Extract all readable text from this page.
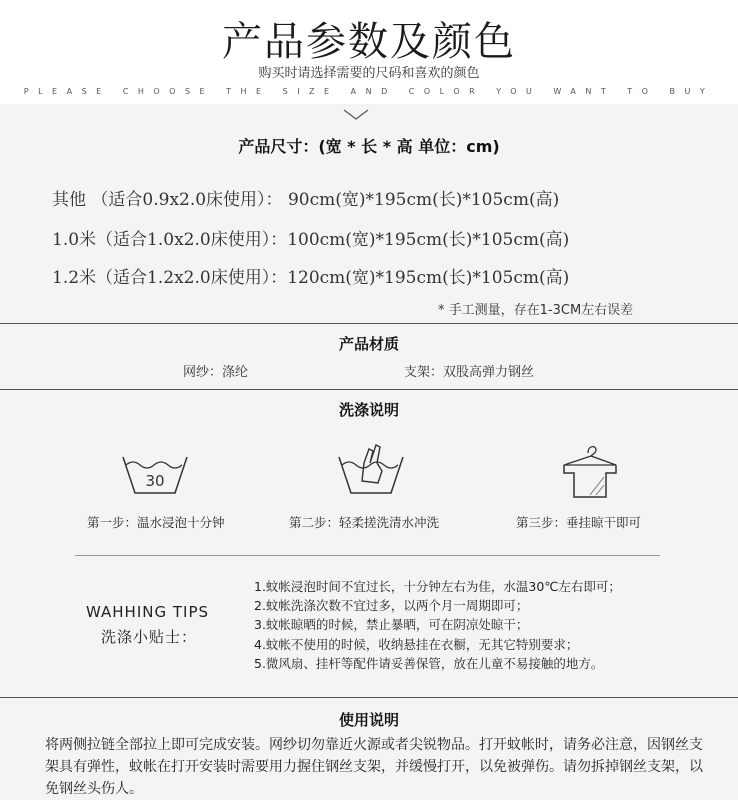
产品参数及颜色
购买时请选择需要的尺码和喜欢的颜色
PLEASE CHOOSE THE SIZE AND COLOR YOU WANT TO BUY
产品尺寸：(宽 * 长 * 高 单位：cm)
其他 （适合0.9x2.0床使用）： 90cm(宽)*195cm(长)*105cm(高)
1.0米（适合1.0x2.0床使用）：100cm(宽)*195cm(长)*105cm(高)
1.2米（适合1.2x2.0床使用）：120cm(宽)*195cm(长)*105cm(高)
* 手工测量，存在1-3CM左右误差
产品材质
网纱：涤纶	支架：双股高弹力钢丝
洗涤说明
30
第一步：温水浸泡十分钟	第二步：轻柔搓洗清水冲洗	第三步：垂挂晾干即可
WAHHING TIPS
洗涤小贴士：
1.蚊帐浸泡时间不宜过长，十分钟左右为佳，水温30℃左右即可；
2.蚊帐洗涤次数不宜过多，以两个月一周期即可；
3.蚊帐晾晒的时候，禁止暴晒，可在阴凉处晾干；
4.蚊帐不使用的时候，收纳悬挂在衣橱，无其它特别要求；
5.微风扇、挂杆等配件请妥善保管，放在儿童不易接触的地方。
使用说明

将两侧拉链全部拉上即可完成安装。网纱切勿靠近火源或者尖锐物品。打开蚊帐时，请务必注意，因钢丝支架具有弹性，蚊帐在打开安装时需要用力握住钢丝支架，并缓慢打开，以免被弹伤。请勿拆掉钢丝支架，以免钢丝头伤人。
